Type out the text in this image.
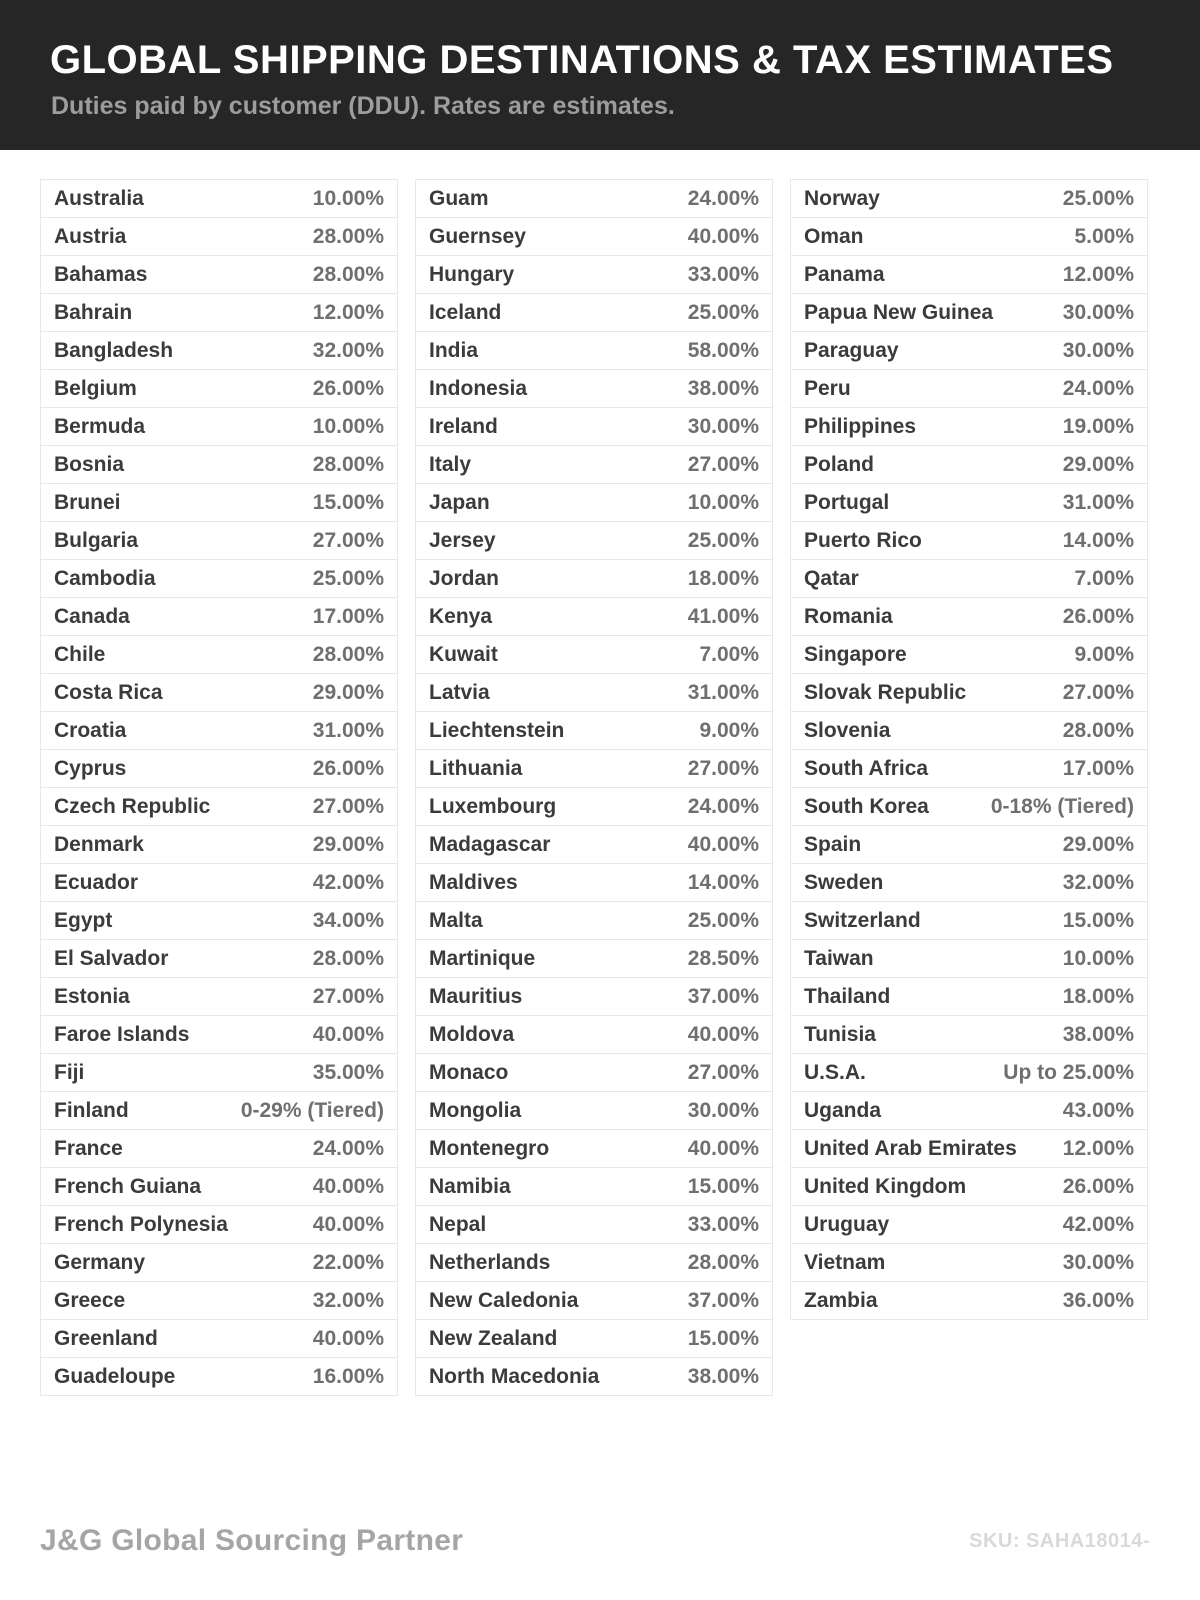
GLOBAL SHIPPING DESTINATIONS & TAX ESTIMATES

Duties paid by customer (DDU). Rates are estimates.

Australia	10.00%
Austria	28.00%
Bahamas	28.00%
Bahrain	12.00%
Bangladesh	32.00%
Belgium	26.00%
Bermuda	10.00%
Bosnia	28.00%
Brunei	15.00%
Bulgaria	27.00%
Cambodia	25.00%
Canada	17.00%
Chile	28.00%
Costa Rica	29.00%
Croatia	31.00%
Cyprus	26.00%
Czech Republic	27.00%
Denmark	29.00%
Ecuador	42.00%
Egypt	34.00%
El Salvador	28.00%
Estonia	27.00%
Faroe Islands	40.00%
Fiji	35.00%
Finland	0-29% (Tiered)
France	24.00%
French Guiana	40.00%
French Polynesia	40.00%
Germany	22.00%
Greece	32.00%
Greenland	40.00%
Guadeloupe	16.00%
Guam	24.00%
Guernsey	40.00%
Hungary	33.00%
Iceland	25.00%
India	58.00%
Indonesia	38.00%
Ireland	30.00%
Italy	27.00%
Japan	10.00%
Jersey	25.00%
Jordan	18.00%
Kenya	41.00%
Kuwait	7.00%
Latvia	31.00%
Liechtenstein	9.00%
Lithuania	27.00%
Luxembourg	24.00%
Madagascar	40.00%
Maldives	14.00%
Malta	25.00%
Martinique	28.50%
Mauritius	37.00%
Moldova	40.00%
Monaco	27.00%
Mongolia	30.00%
Montenegro	40.00%
Namibia	15.00%
Nepal	33.00%
Netherlands	28.00%
New Caledonia	37.00%
New Zealand	15.00%
North Macedonia	38.00%
Norway	25.00%
Oman	5.00%
Panama	12.00%
Papua New Guinea	30.00%
Paraguay	30.00%
Peru	24.00%
Philippines	19.00%
Poland	29.00%
Portugal	31.00%
Puerto Rico	14.00%
Qatar	7.00%
Romania	26.00%
Singapore	9.00%
Slovak Republic	27.00%
Slovenia	28.00%
South Africa	17.00%
South Korea	0-18% (Tiered)
Spain	29.00%
Sweden	32.00%
Switzerland	15.00%
Taiwan	10.00%
Thailand	18.00%
Tunisia	38.00%
U.S.A.	Up to 25.00%
Uganda	43.00%
United Arab Emirates 12.00%
United Kingdom	26.00%
Uruguay	42.00%
Vietnam	30.00%
Zambia	36.00%
J&G Global Sourcing Partner	SKU: SAHA18014-
